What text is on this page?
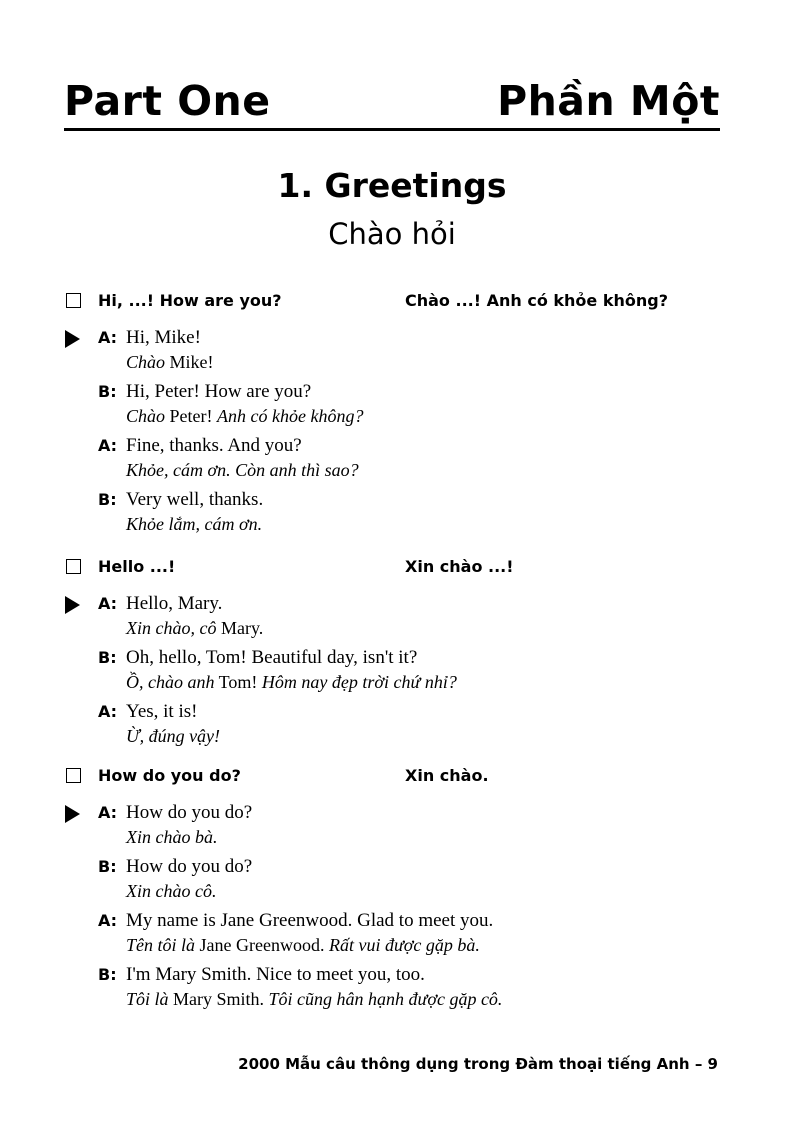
Part One	Phần Một
1. Greetings
Chào hỏi
Hi, ...! How are you?	Chào ...! Anh có khỏe không?
A: Hi, Mike!
Chào Mike!
B: Hi, Peter! How are you?
Chào Peter! Anh có khỏe không?
A: Fine, thanks. And you?
Khỏe, cám ơn. Còn anh thì sao?
B: Very well, thanks.
Khỏe lắm, cám ơn.
Hello ...!	Xin chào ...!
A: Hello, Mary.
Xin chào, cô Mary.
B: Oh, hello, Tom! Beautiful day, isn't it?
Ồ, chào anh Tom! Hôm nay đẹp trời chứ nhỉ?
A: Yes, it is!
Ừ, đúng vậy!
How do you do?	Xin chào.
A: How do you do?
Xin chào bà.
B: How do you do?
Xin chào cô.
A: My name is Jane Greenwood. Glad to meet you.
Tên tôi là Jane Greenwood. Rất vui được gặp bà.
B: I'm Mary Smith. Nice to meet you, too.
Tôi là Mary Smith. Tôi cũng hân hạnh được gặp cô.
2000 Mẫu câu thông dụng trong Đàm thoại tiếng Anh – 9
